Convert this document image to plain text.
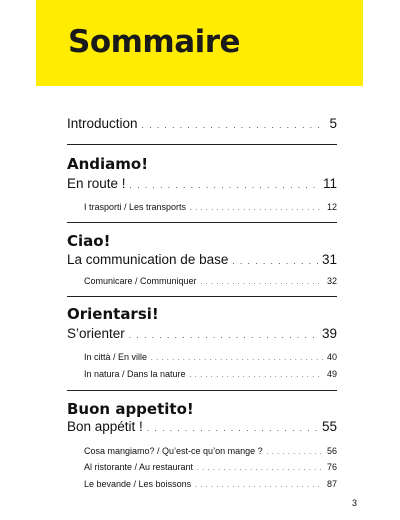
Sommaire
Introduction . . .	5
Andiamo!
En route ! . . .	11
I trasporti / Les transports . . .	12
Ciao!
La communication de base . . .	31
Comunicare / Communiquer . . .	32
Orientarsi!
S’orienter . . .	39
In città / En ville . . .	40
In natura / Dans la nature . . .	49
Buon appetito!
Bon appétit ! . . .	55
Cosa mangiamo? / Qu’est-ce qu’on mange ? . . .	56
Al ristorante / Au restaurant . . .	76
Le bevande / Les boissons . . .	87
3
